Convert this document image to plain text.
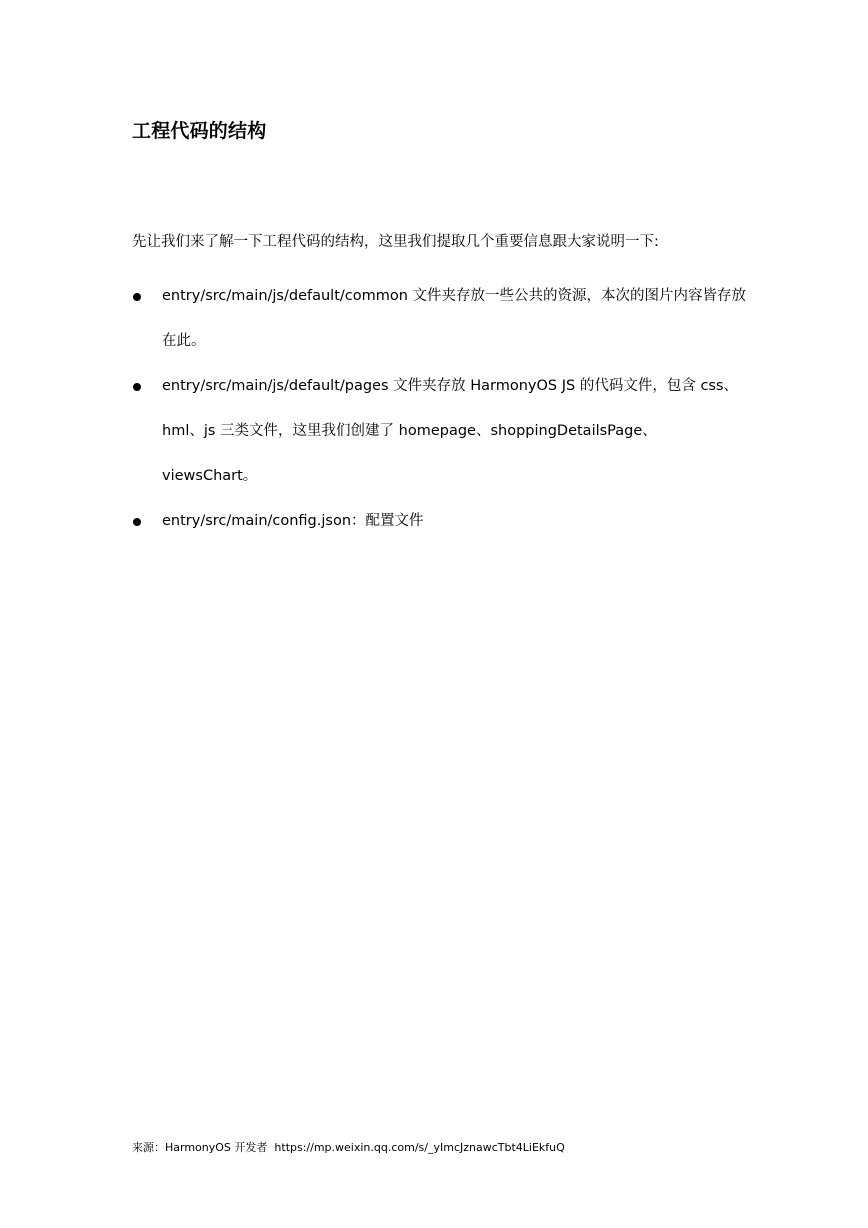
工程代码的结构
先让我们来了解一下工程代码的结构，这里我们提取几个重要信息跟大家说明一下:
entry/src/main/js/default/common 文件夹存放一些公共的资源，本次的图片内容皆存放在此。
entry/src/main/js/default/pages 文件夹存放 HarmonyOS JS 的代码文件，包含 css、hml、js 三类文件，这里我们创建了 homepage、shoppingDetailsPage、viewsChart。
entry/src/main/config.json：配置文件
来源：HarmonyOS 开发者 https://mp.weixin.qq.com/s/_yImcJznawcTbt4LiEkfuQ
